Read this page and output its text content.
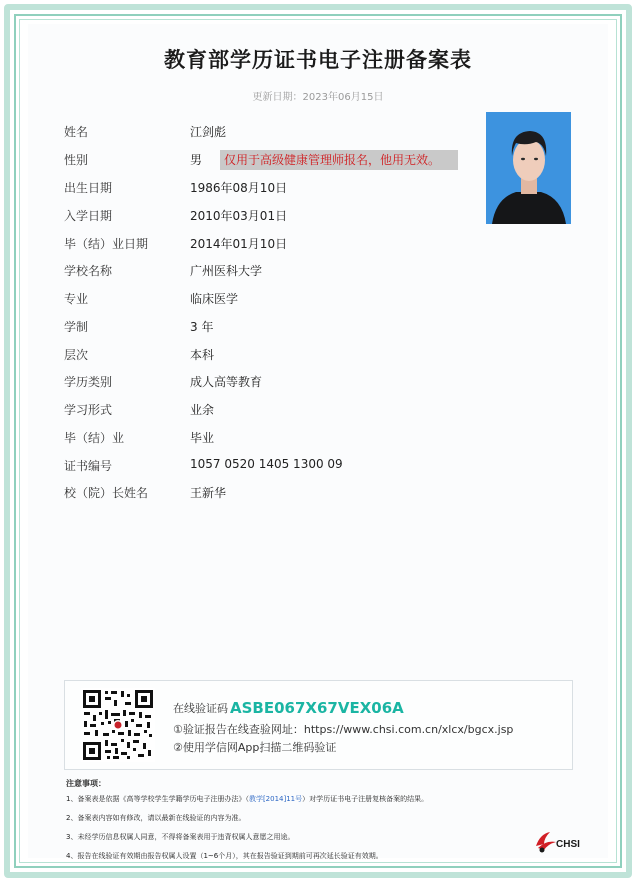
教育部学历证书电子注册备案表
更新日期：2023年06月15日
姓名	江剑彪
性别	男
出生日期	1986年08月10日
入学日期	2010年03月01日
毕（结）业日期	2014年01月10日
学校名称	广州医科大学
专业	临床医学
学制	3 年
层次	本科
学历类别	成人高等教育
学习形式	业余
毕（结）业	毕业
证书编号	1057 0520 1405 1300 09
校（院）长姓名	王新华
仅用于高级健康管理师报名，他用无效。
在线验证码 ASBE067X67VEX06A
①验证报告在线查验网址：https://www.chsi.com.cn/xlcx/bgcx.jsp
②使用学信网App扫描二维码验证
注意事项：
1、备案表是依据《高等学校学生学籍学历电子注册办法》（教学[2014]11号）对学历证书电子注册复核备案的结果。
2、备案表内容如有修改，请以最新在线验证的内容为准。
3、未经学历信息权属人同意，不得将备案表用于违背权属人意愿之用途。
4、报告在线验证有效期由报告权属人设置（1~6个月），其在报告验证到期前可再次延长验证有效期。
CHSI
